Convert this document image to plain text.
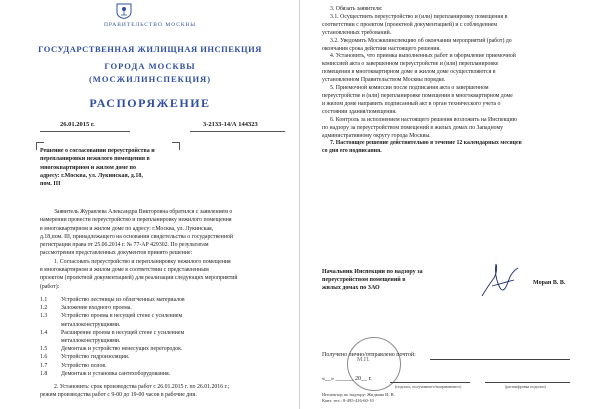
ПРАВИТЕЛЬСТВО МОСКВЫ
ГОСУДАРСТВЕННАЯ ЖИЛИЩНАЯ ИНСПЕКЦИЯ
ГОРОДА МОСКВЫ
(МОСЖИЛИНСПЕКЦИЯ)
РАСПОРЯЖЕНИЕ
26.01.2015 г.	3-2133-14/А 144323
Решение о согласовании переустройства и
перепланировки нежилого помещения в
многоквартирном и жилом доме по
адресу: г.Москва, ул. Лукинская, д.18,
пом. III
Заявитель Журавлева Александра Викторовна обратился с заявлением о
намерении провести переустройство и перепланировку нежилого помещения
в многоквартирном и жилом доме по адресу: г.Москва, ул. Лукинская,
д.18,пом. III, принадлежащего на основании свидетельства о государственной
регистрации права от 25.06.2014 г. № 77-АР 429302. По результатам
рассмотрения представленных документов принято решение:
1. Согласовать переустройство и перепланировку нежилого помещения
в многоквартирном и жилом доме в соответствии с представленным
проектом (проектной документацией) для реализации следующих мероприятий
(работ):
1.1 Устройство лестницы из облегченных материалов
1.2 Заложение входного проема.
1.3 Устройство проема в несущей стене с усилением
металлоконструкциями.
1.4 Расширение проема в несущей стене с усилением
металлоконструкциями.
1.5 Демонтаж и устройство ненесущих перегородок.
1.6 Устройство гидроизоляции.
1.7 Устройство полов.
1.8 Демонтаж и установка сантехоборудования.
2. Установить: срок производства работ с 26.01.2015 г. по 26.01.2016 г.;
режим производства работ с 9-00 до 19-00 часов в рабочие дни.
3. Обязать заявителя:
3.1. Осуществить переустройство и (или) перепланировку помещения в
соответствии с проектом (проектной документацией) и с соблюдением
установленных требований.
3.2. Уведомить Мосжилинспекцию об окончании мероприятий (работ) до
окончания срока действия настоящего решения.
4. Установить, что приемка выполненных работ и оформление приемочной
комиссией акта о завершенном переустройстве и (или) перепланировке
помещения в многоквартирном доме и жилом доме осуществляются в
установленном Правительством Москвы порядке.
5. Приемочной комиссии после подписания акта о завершенном
переустройстве и (или) перепланировке помещения в многоквартирном доме
и жилом доме направить подписанный акт в орган технического учета о
состоянии здания/помещения.
6. Контроль за исполнением настоящего решения возложить на Инспекцию
по надзору за переустройством помещений в жилых домах по Западному
административному округу города Москвы.
7. Настоящее решение действительно в течение 12 календарных месяцев
со дня его подписания.
Начальник Инспекции по надзору за
переустройством помещений в
жилых домах по ЗАО
Моран В. В.
М.П.
Получено лично/отправлено почтой:
«__» ______ 20__ г.
(подпись, получившего/направившего)	(расшифровка подписи)
Инспектор по надзору: Жидкова И. В.
Конт. тел.: 8-495-416-60-10
